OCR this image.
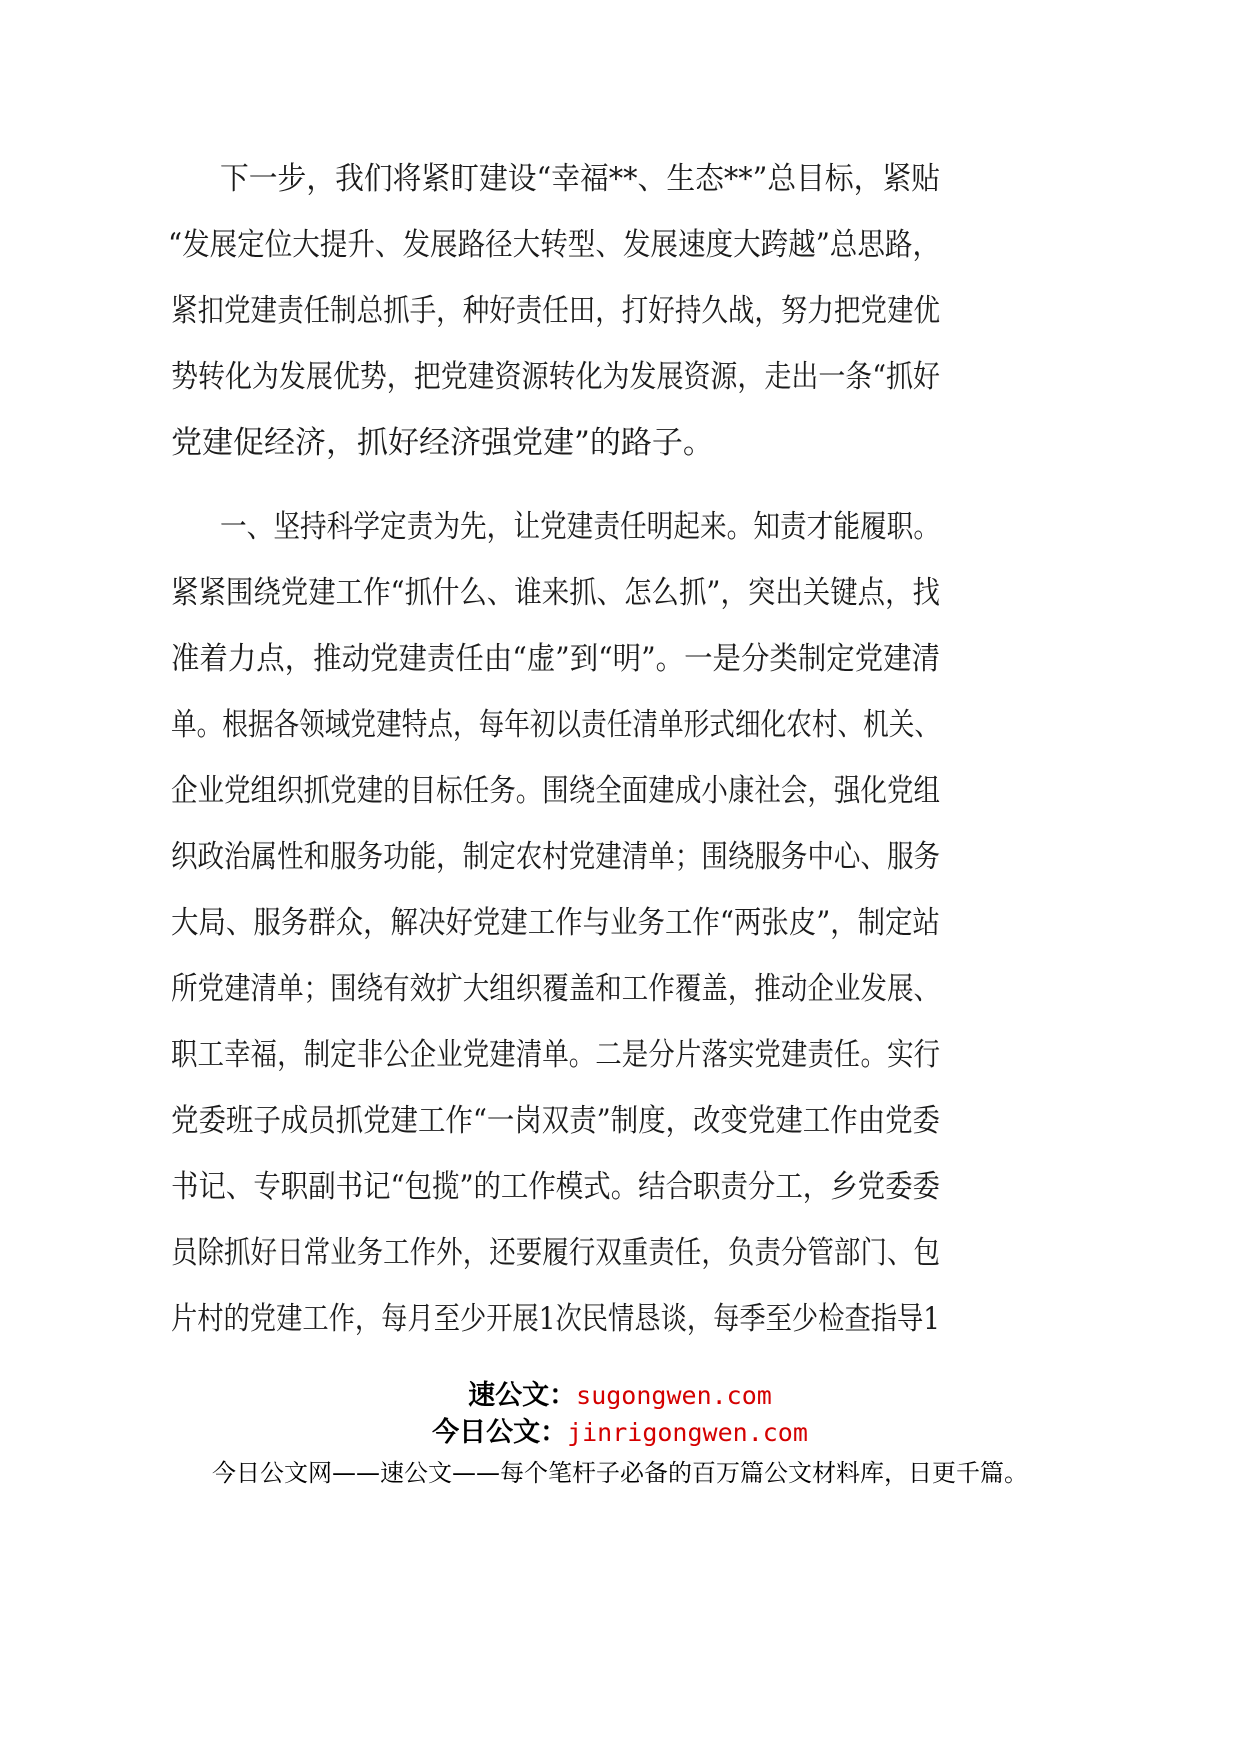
下一步，我们将紧盯建设“幸福**、生态**”总目标，紧贴
“发展定位大提升、发展路径大转型、发展速度大跨越”总思路，
紧扣党建责任制总抓手，种好责任田，打好持久战，努力把党建优
势转化为发展优势，把党建资源转化为发展资源，走出一条“抓好
党建促经济，抓好经济强党建”的路子。
一、坚持科学定责为先，让党建责任明起来。知责才能履职。
紧紧围绕党建工作“抓什么、谁来抓、怎么抓”，突出关键点，找
准着力点，推动党建责任由“虚”到“明”。一是分类制定党建清
单。根据各领域党建特点，每年初以责任清单形式细化农村、机关、
企业党组织抓党建的目标任务。围绕全面建成小康社会，强化党组
织政治属性和服务功能，制定农村党建清单；围绕服务中心、服务
大局、服务群众，解决好党建工作与业务工作“两张皮”，制定站
所党建清单；围绕有效扩大组织覆盖和工作覆盖，推动企业发展、
职工幸福，制定非公企业党建清单。二是分片落实党建责任。实行
党委班子成员抓党建工作“一岗双责”制度，改变党建工作由党委
书记、专职副书记“包揽”的工作模式。结合职责分工，乡党委委
员除抓好日常业务工作外，还要履行双重责任，负责分管部门、包
片村的党建工作，每月至少开展1次民情恳谈，每季至少检查指导1
速公文：sugongwen.com
今日公文：jinrigongwen.com
今日公文网——速公文——每个笔杆子必备的百万篇公文材料库，日更千篇。
